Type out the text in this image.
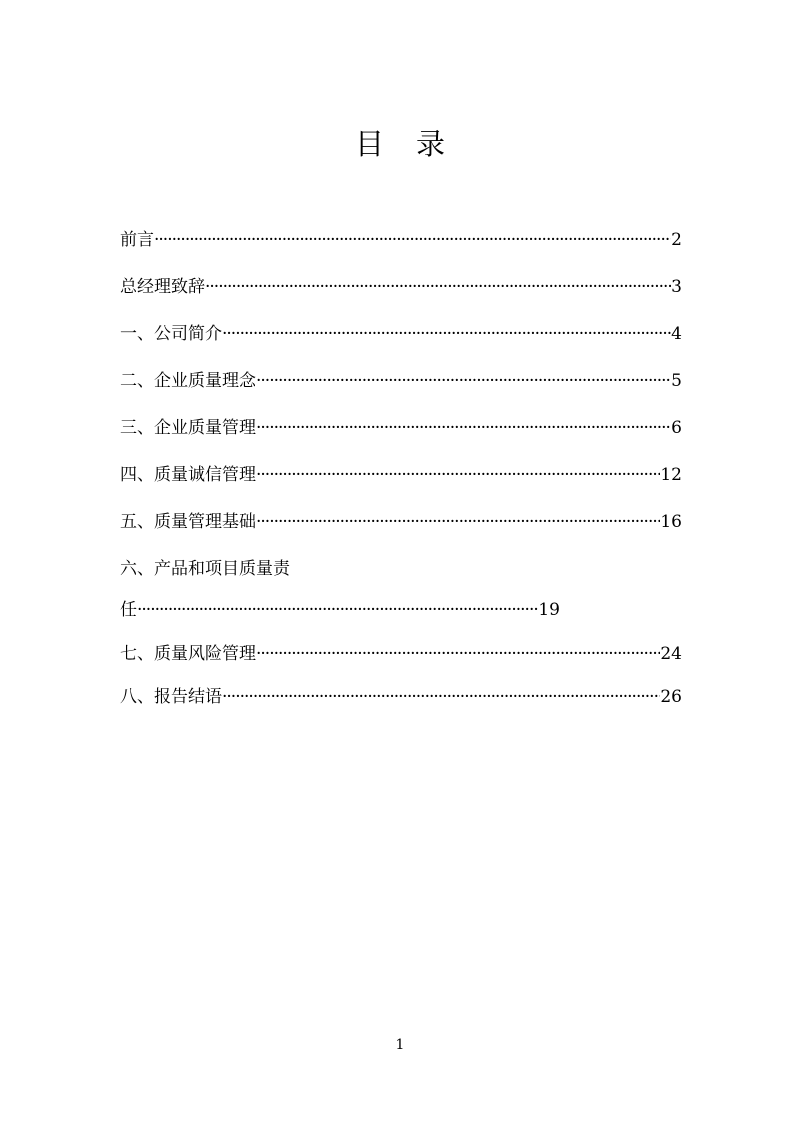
目 录
前言 ·····	2
总经理致辞 ·····	3
一、公司简介 ·····	4
二、企业质量理念 ·····	5
三、企业质量管理 ·····	6
四、质量诚信管理 ·····	12
五、质量管理基础 ·····	16
六、产品和项目质量责
任 ·····	19
七、质量风险管理 ·····	24
八、报告结语 ·····	26
1
